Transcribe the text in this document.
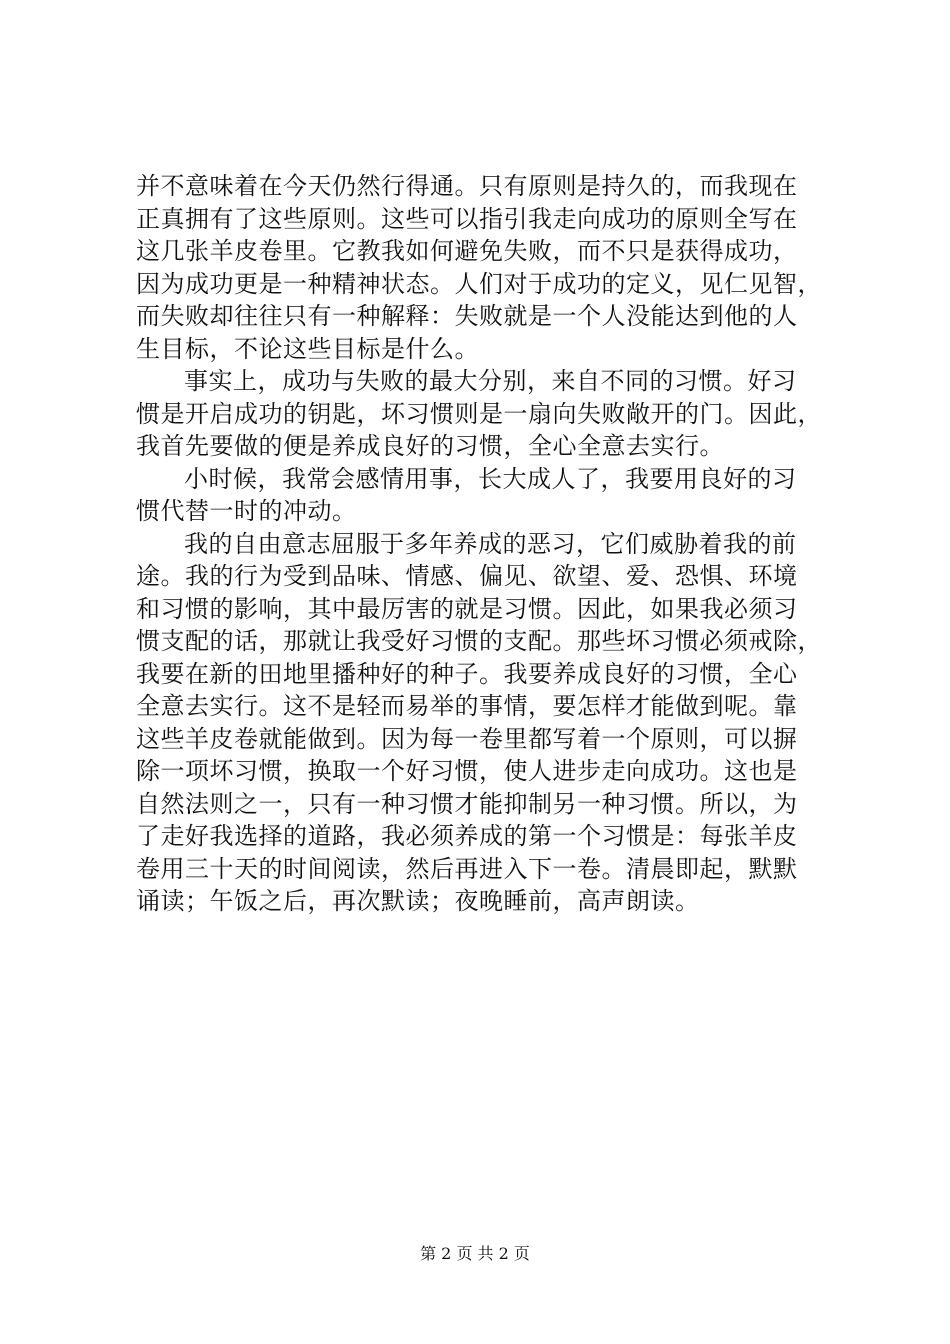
并不意味着在今天仍然行得通。只有原则是持久的，而我现在
正真拥有了这些原则。这些可以指引我走向成功的原则全写在
这几张羊皮卷里。它教我如何避免失败，而不只是获得成功，
因为成功更是一种精神状态。人们对于成功的定义，见仁见智，
而失败却往往只有一种解释：失败就是一个人没能达到他的人
生目标，不论这些目标是什么。
事实上，成功与失败的最大分别，来自不同的习惯。好习
惯是开启成功的钥匙，坏习惯则是一扇向失败敞开的门。因此，
我首先要做的便是养成良好的习惯，全心全意去实行。
小时候，我常会感情用事，长大成人了，我要用良好的习
惯代替一时的冲动。
我的自由意志屈服于多年养成的恶习，它们威胁着我的前
途。我的行为受到品味、情感、偏见、欲望、爱、恐惧、环境
和习惯的影响，其中最厉害的就是习惯。因此，如果我必须习
惯支配的话，那就让我受好习惯的支配。那些坏习惯必须戒除，
我要在新的田地里播种好的种子。我要养成良好的习惯，全心
全意去实行。这不是轻而易举的事情，要怎样才能做到呢。靠
这些羊皮卷就能做到。因为每一卷里都写着一个原则，可以摒
除一项坏习惯，换取一个好习惯，使人进步走向成功。这也是
自然法则之一，只有一种习惯才能抑制另一种习惯。所以，为
了走好我选择的道路，我必须养成的第一个习惯是：每张羊皮
卷用三十天的时间阅读，然后再进入下一卷。清晨即起，默默
诵读；午饭之后，再次默读；夜晚睡前，高声朗读。
第 2 页 共 2 页
